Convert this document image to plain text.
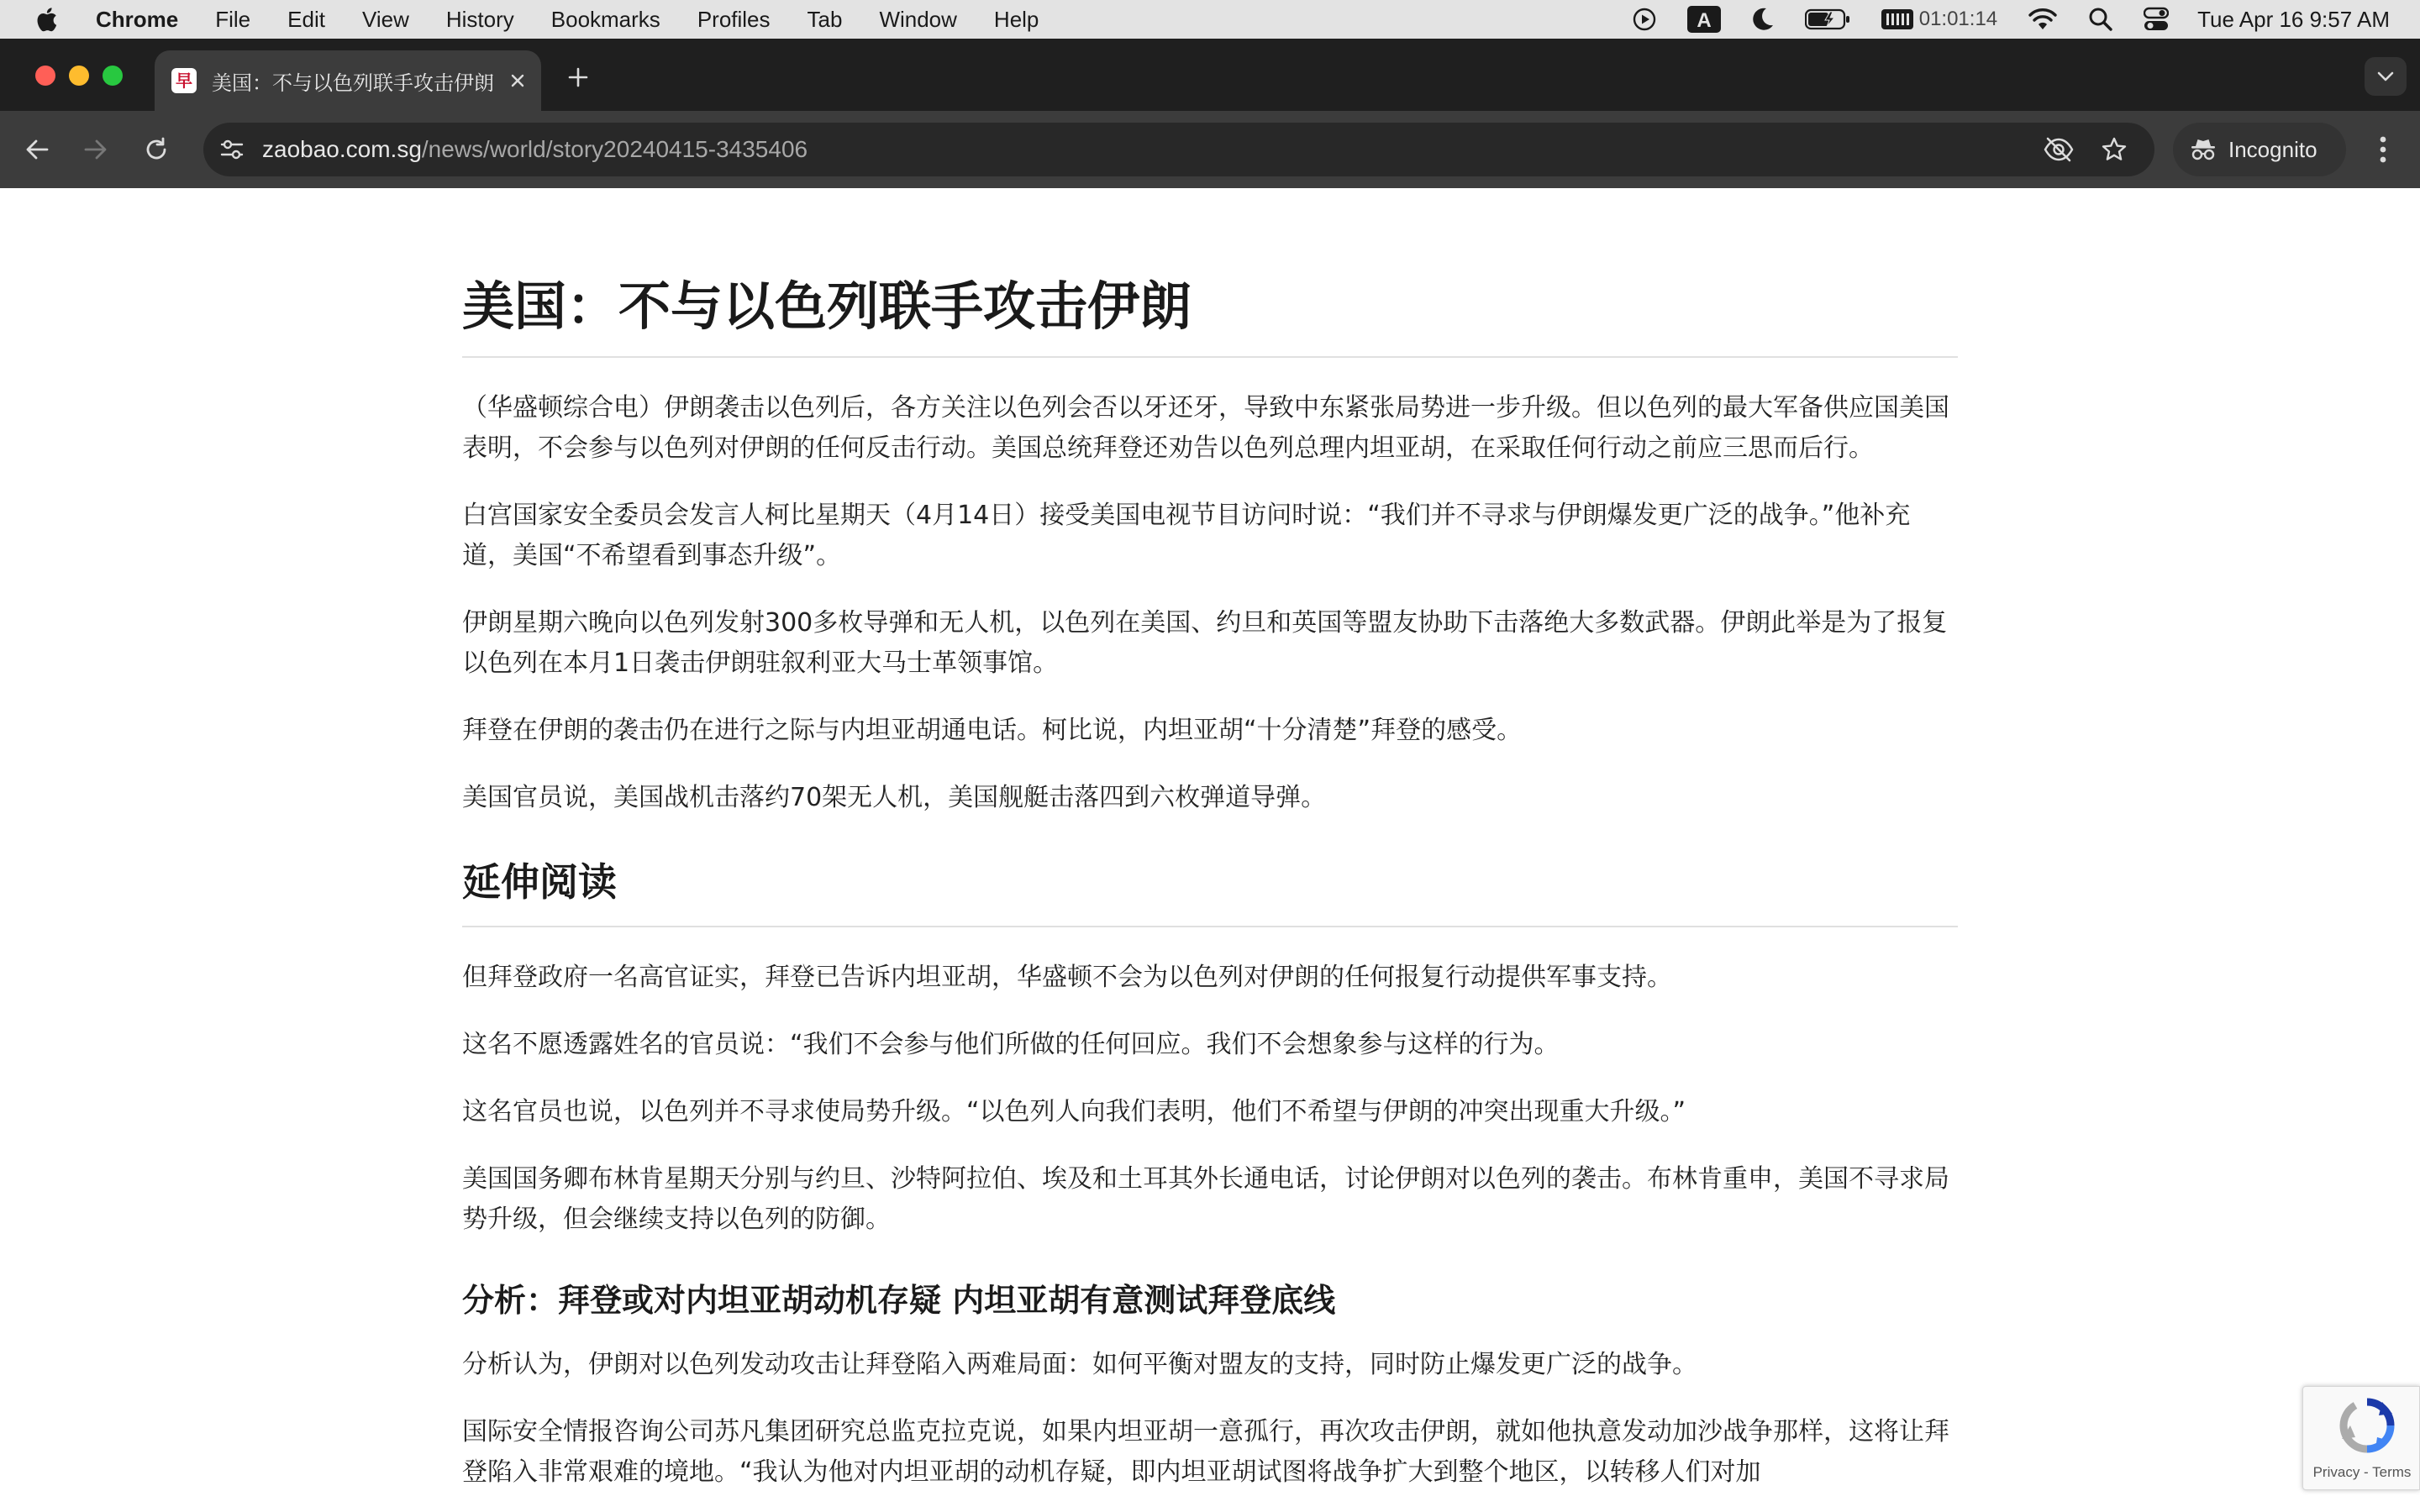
Chrome File Edit View History Bookmarks Profiles Tab Window Help	A	01:01:14	Tue Apr 16 9:57 AM
早 美国：不与以色列联手攻击伊朗
zaobao.com.sg/news/world/story20240415-3435406	Incognito
美国：不与以色列联手攻击伊朗

（华盛顿综合电）伊朗袭击以色列后，各方关注以色列会否以牙还牙，导致中东紧张局势进一步升级。但以色列的最大军备供应国美国表明，不会参与以色列对伊朗的任何反击行动。美国总统拜登还劝告以色列总理内坦亚胡，在采取任何行动之前应三思而后行。

白宫国家安全委员会发言人柯比星期天（4月14日）接受美国电视节目访问时说：“我们并不寻求与伊朗爆发更广泛的战争。”他补充道，美国“不希望看到事态升级”。

伊朗星期六晚向以色列发射300多枚导弹和无人机，以色列在美国、约旦和英国等盟友协助下击落绝大多数武器。伊朗此举是为了报复以色列在本月1日袭击伊朗驻叙利亚大马士革领事馆。

拜登在伊朗的袭击仍在进行之际与内坦亚胡通电话。柯比说，内坦亚胡“十分清楚”拜登的感受。

美国官员说，美国战机击落约70架无人机，美国舰艇击落四到六枚弹道导弹。

延伸阅读

但拜登政府一名高官证实，拜登已告诉内坦亚胡，华盛顿不会为以色列对伊朗的任何报复行动提供军事支持。

这名不愿透露姓名的官员说：“我们不会参与他们所做的任何回应。我们不会想象参与这样的行为。

这名官员也说，以色列并不寻求使局势升级。“以色列人向我们表明，他们不希望与伊朗的冲突出现重大升级。”

美国国务卿布林肯星期天分别与约旦、沙特阿拉伯、埃及和土耳其外长通电话，讨论伊朗对以色列的袭击。布林肯重申，美国不寻求局势升级，但会继续支持以色列的防御。

分析：拜登或对内坦亚胡动机存疑 内坦亚胡有意测试拜登底线

分析认为，伊朗对以色列发动攻击让拜登陷入两难局面：如何平衡对盟友的支持，同时防止爆发更广泛的战争。

国际安全情报咨询公司苏凡集团研究总监克拉克说，如果内坦亚胡一意孤行，再次攻击伊朗，就如他执意发动加沙战争那样，这将让拜登陷入非常艰难的境地。“我认为他对内坦亚胡的动机存疑，即内坦亚胡试图将战争扩大到整个地区，以转移人们对加	Privacy - Terms
